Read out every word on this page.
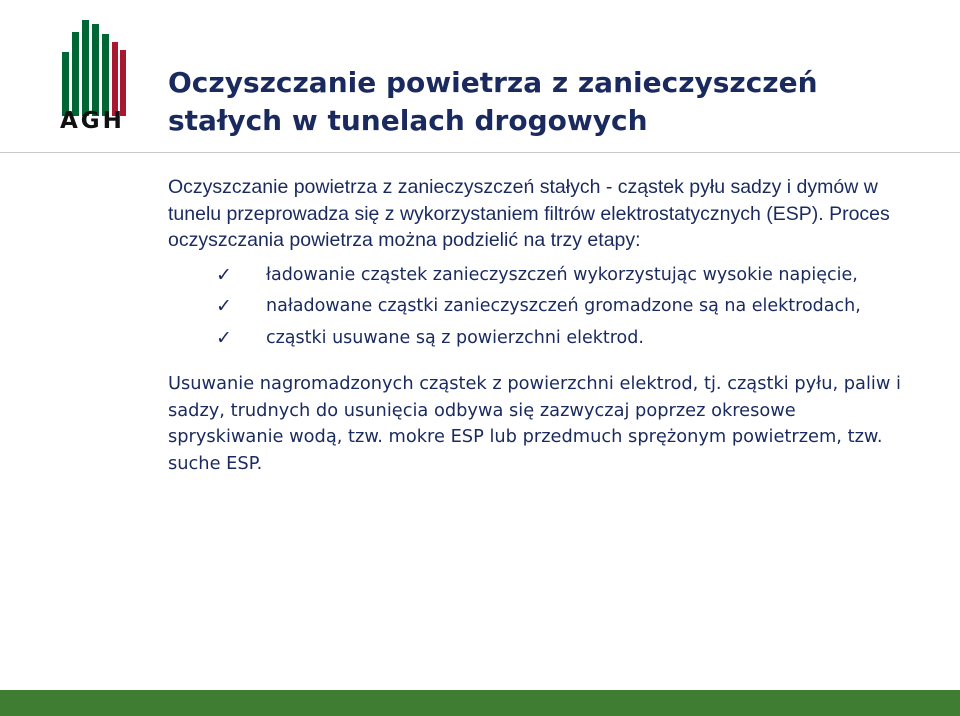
AGH
Oczyszczanie powietrza z zanieczyszczeń
stałych w tunelach drogowych

Oczyszczanie powietrza z zanieczyszczeń stałych - cząstek pyłu sadzy i dymów w tunelu przeprowadza się z wykorzystaniem filtrów elektrostatycznych (ESP). Proces oczyszczania powietrza można podzielić na trzy etapy:

✓ ładowanie cząstek zanieczyszczeń wykorzystując wysokie napięcie,
✓ naładowane cząstki zanieczyszczeń gromadzone są na elektrodach,
✓ cząstki usuwane są z powierzchni elektrod.

Usuwanie nagromadzonych cząstek z powierzchni elektrod, tj. cząstki pyłu, paliw i sadzy, trudnych do usunięcia odbywa się zazwyczaj poprzez okresowe spryskiwanie wodą, tzw. mokre ESP lub przedmuch sprężonym powietrzem, tzw. suche ESP.
